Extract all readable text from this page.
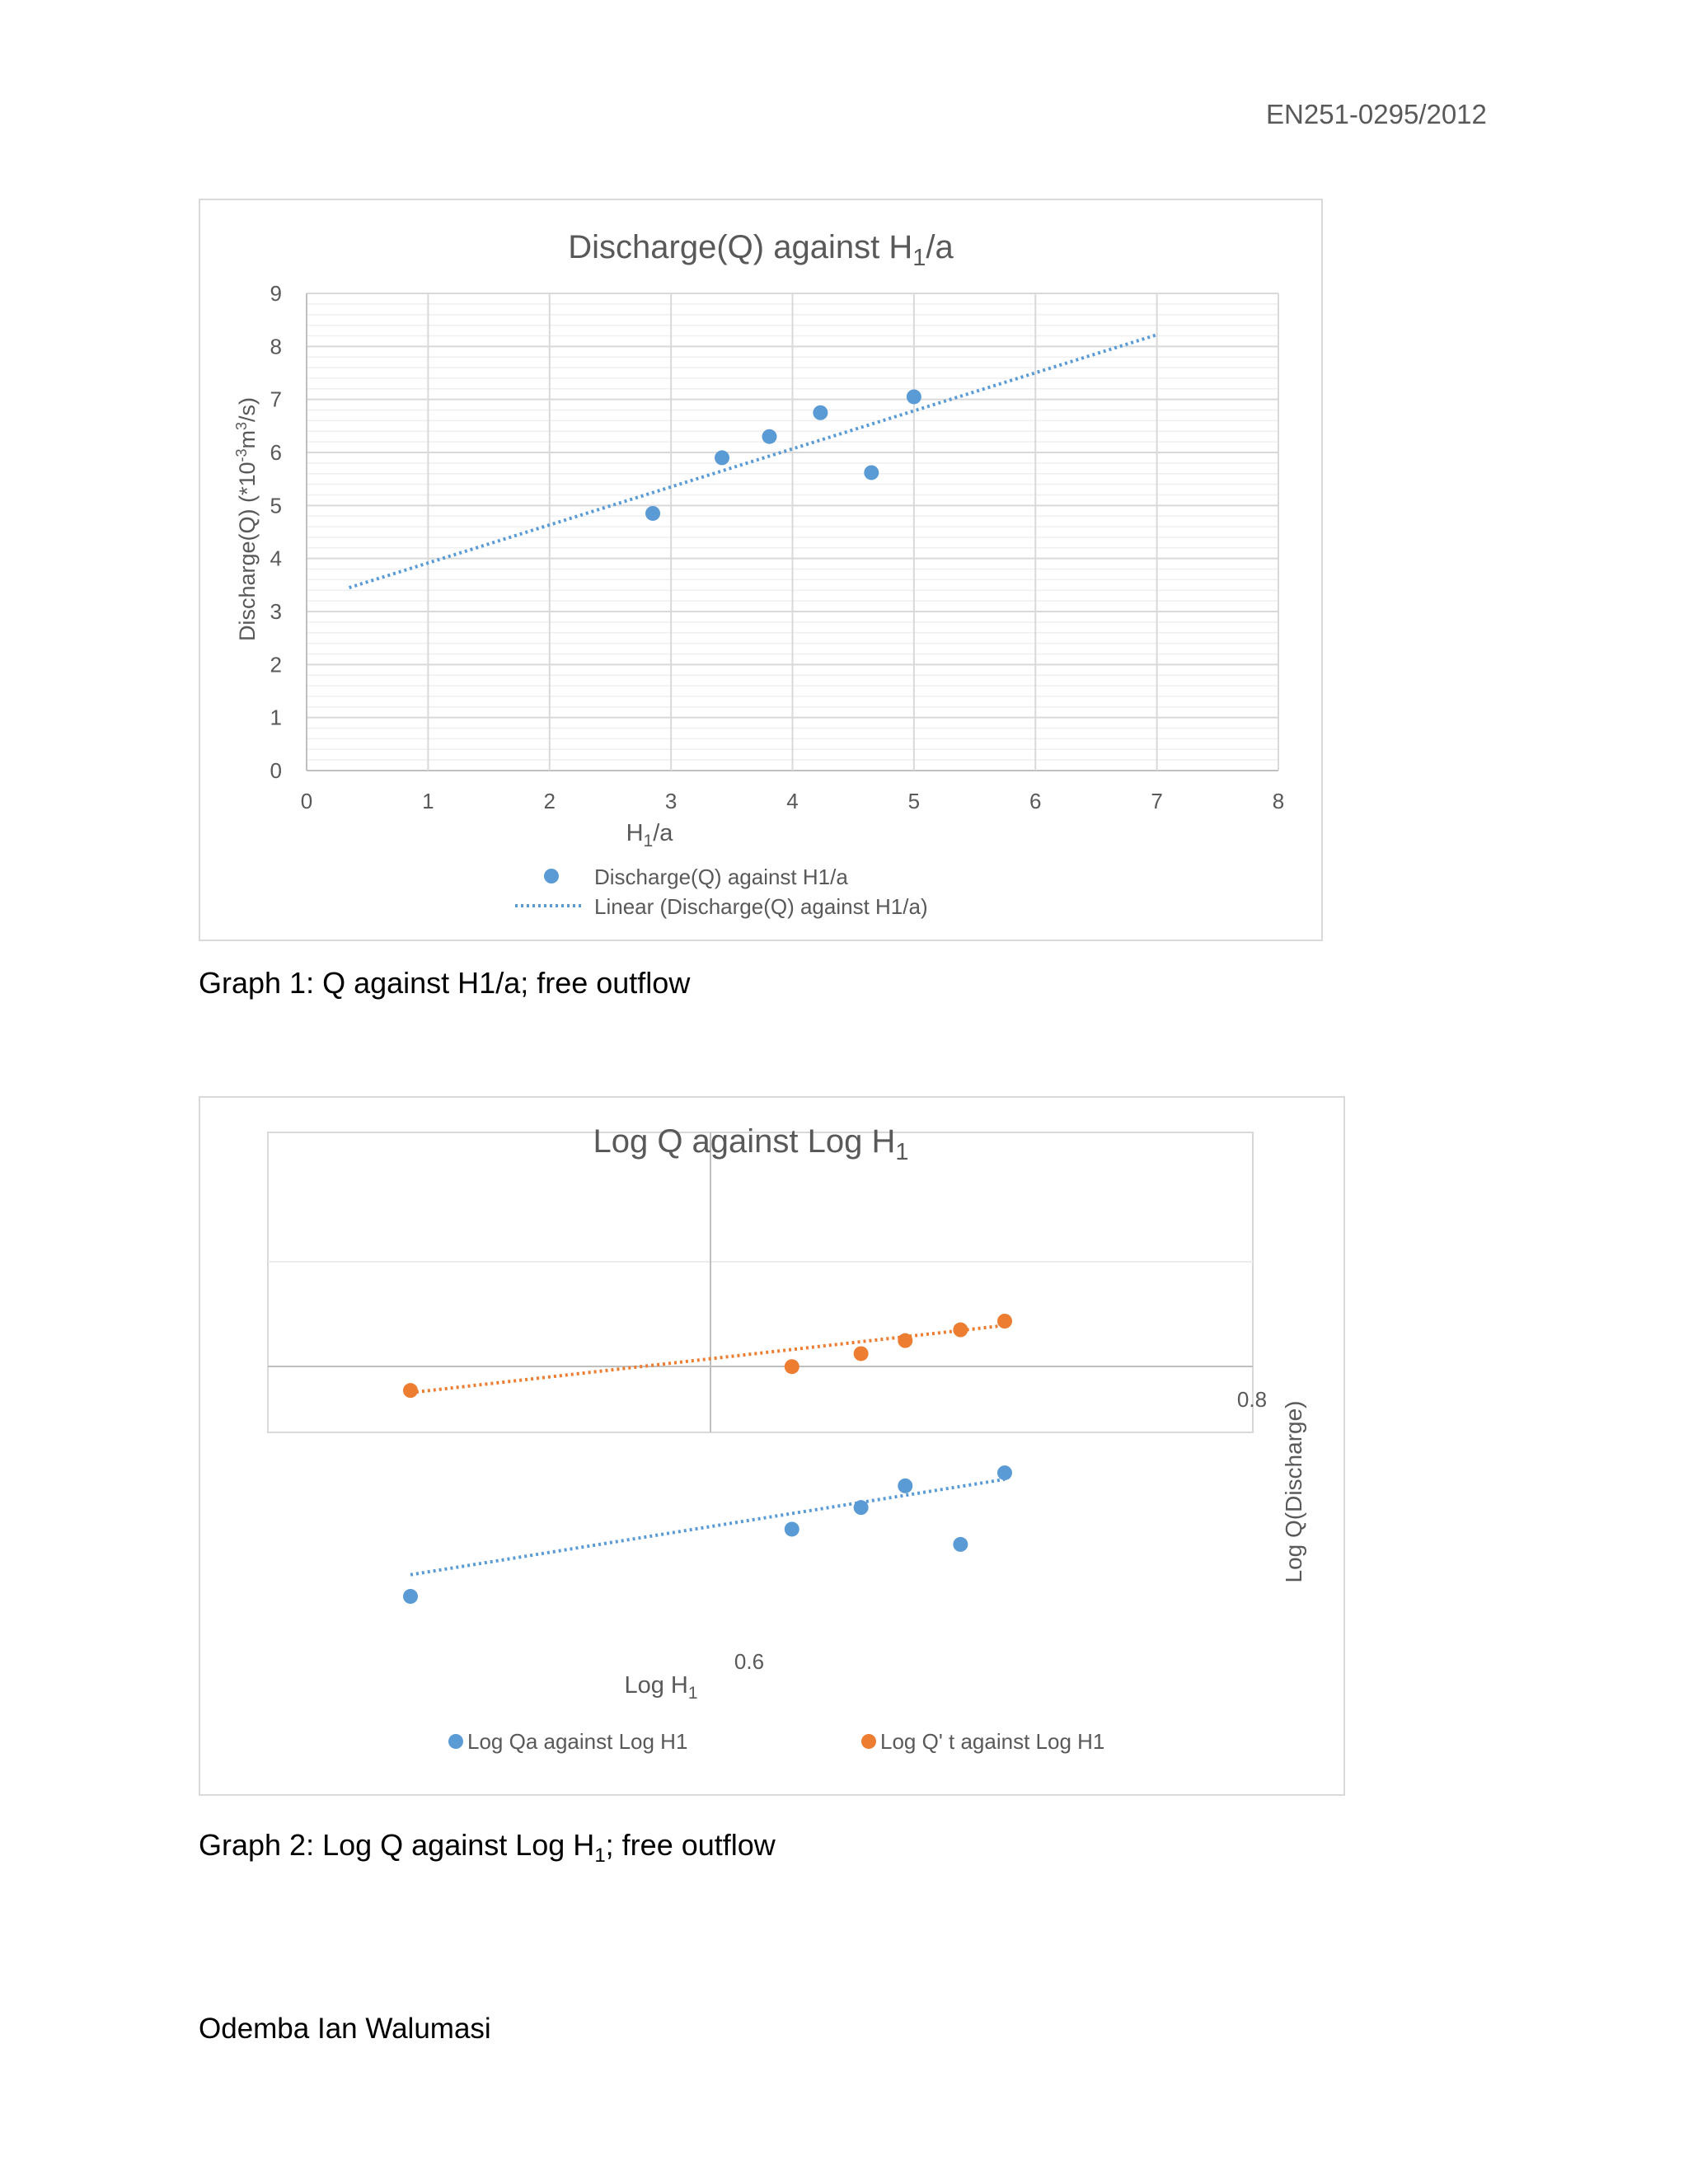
EN251-0295/2012
Discharge(Q) against $H_1/a$
0	1	2	3	4	5	6	7	8
0
1
2
3
4
5
6
7
8
9
Discharge(Q) $(*10^{-3}m^3/s)$
$H_1/a$
Discharge(Q) against H1/a
Linear (Discharge(Q) against H1/a)
Graph 1: Q against H1/a; free outflow
Log Q against Log $H_1$
0.6
0.8
Log $H_1$
Log Q(Discharge)
Log Qa against Log H1	Log Q' t against Log H1
Graph 2: Log Q against Log $H_1$; free outflow
Odemba Ian Walumasi
